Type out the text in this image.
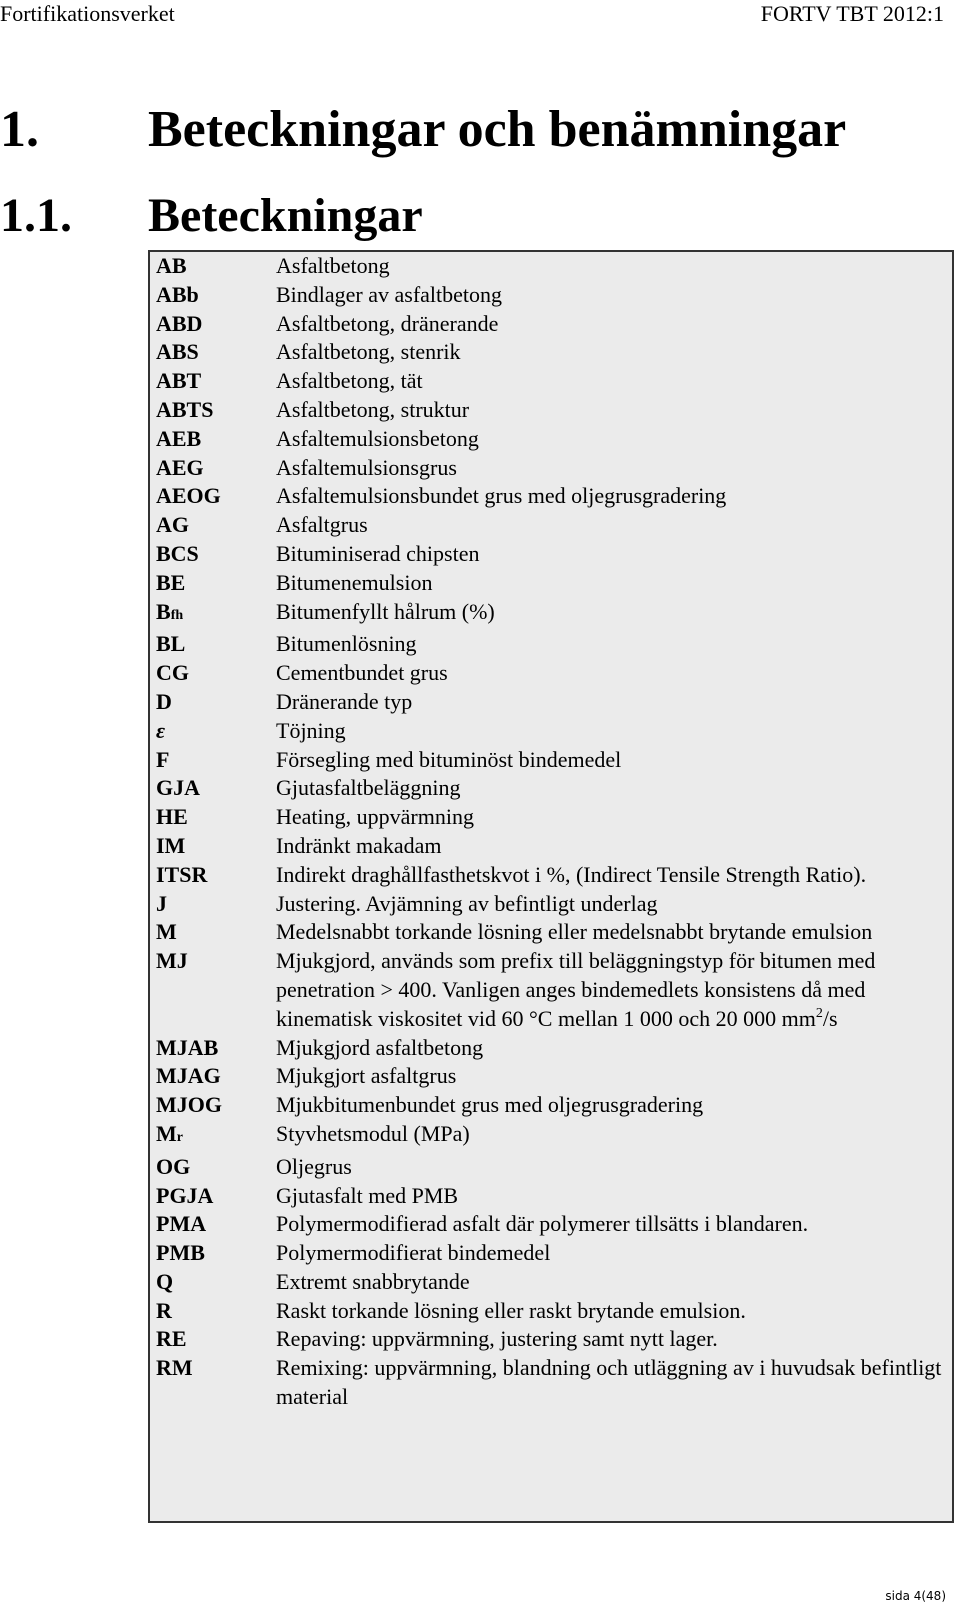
Fortifikationsverket	FORTV TBT 2012:1
1. Beteckningar och benämningar
1.1. Beteckningar
AB	Asfaltbetong
ABb	Bindlager av asfaltbetong
ABD	Asfaltbetong, dränerande
ABS	Asfaltbetong, stenrik
ABT	Asfaltbetong, tät
ABTS	Asfaltbetong, struktur
AEB	Asfaltemulsionsbetong
AEG	Asfaltemulsionsgrus
AEOG	Asfaltemulsionsbundet grus med oljegrusgradering
AG	Asfaltgrus
BCS	Bituminiserad chipsten
BE	Bitumenemulsion
Bfh	Bitumenfyllt hålrum (%)
BL	Bitumenlösning
CG	Cementbundet grus
D	Dränerande typ
ε	Töjning
F	Försegling med bituminöst bindemedel
GJA	Gjutasfaltbeläggning
HE	Heating, uppvärmning
IM	Indränkt makadam
ITSR	Indirekt draghållfasthetskvot i %, (Indirect Tensile Strength Ratio).
J	Justering. Avjämning av befintligt underlag
M	Medelsnabbt torkande lösning eller medelsnabbt brytande emulsion
MJ	Mjukgjord, används som prefix till beläggningstyp för bitumen med penetration > 400. Vanligen anges bindemedlets konsistens då med kinematisk viskositet vid 60 °C mellan 1 000 och 20 000 $mm^2/s$
MJAB	Mjukgjord asfaltbetong
MJAG	Mjukgjort asfaltgrus
MJOG	Mjukbitumenbundet grus med oljegrusgradering
Mr	Styvhetsmodul (MPa)
OG	Oljegrus
PGJA	Gjutasfalt med PMB
PMA	Polymermodifierad asfalt där polymerer tillsätts i blandaren.
PMB	Polymermodifierat bindemedel
Q	Extremt snabbrytande
R	Raskt torkande lösning eller raskt brytande emulsion.
RE	Repaving: uppvärmning, justering samt nytt lager.
RM	Remixing: uppvärmning, blandning och utläggning av i huvudsak befintligt material
sida 4(48)
